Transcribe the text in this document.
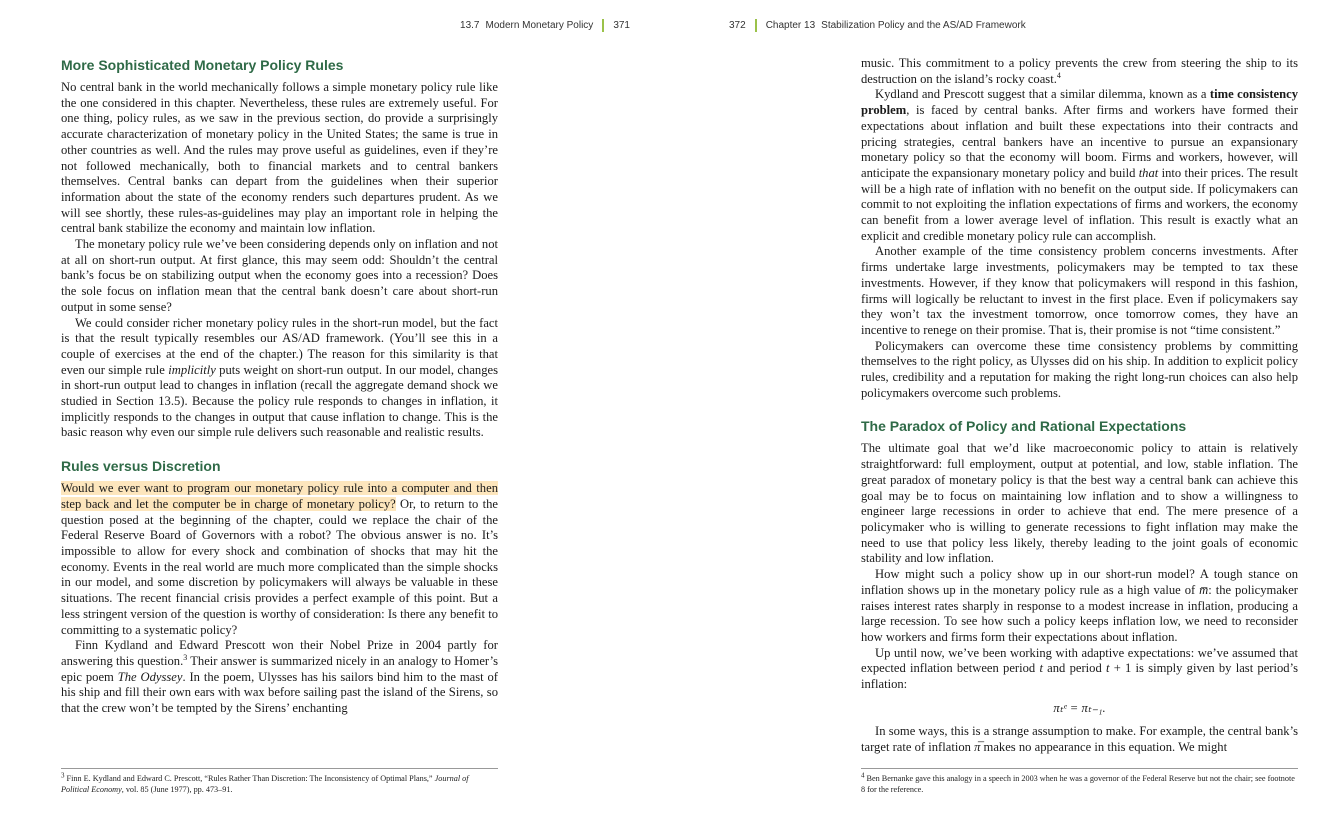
13.7 Modern Monetary Policy 371
More Sophisticated Monetary Policy Rules

No central bank in the world mechanically follows a simple monetary policy rule like the one considered in this chapter. Nevertheless, these rules are extremely useful. For one thing, policy rules, as we saw in the previous section, do provide a surprisingly accurate characterization of monetary policy in the United States; the same is true in other countries as well. And the rules may prove useful as guidelines, even if they’re not followed mechanically, both to financial markets and to central bankers themselves. Central banks can depart from the guidelines when their superior information about the state of the economy renders such departures prudent. As we will see shortly, these rules-as-guidelines may play an important role in helping the central bank stabilize the economy and maintain low inflation.

The monetary policy rule we’ve been considering depends only on inflation and not at all on short-run output. At first glance, this may seem odd: Shouldn’t the central bank’s focus be on stabilizing output when the economy goes into a recession? Does the sole focus on inflation mean that the central bank doesn’t care about short-run output in some sense?

We could consider richer monetary policy rules in the short-run model, but the fact is that the result typically resembles our AS/AD framework. (You’ll see this in a couple of exercises at the end of the chapter.) The reason for this similarity is that even our simple rule implicitly puts weight on short-run output. In our model, changes in short-run output lead to changes in inflation (recall the aggregate demand shock we studied in Section 13.5). Because the policy rule responds to changes in inflation, it implicitly responds to the changes in output that cause inflation to change. This is the basic reason why even our simple rule delivers such reasonable and realistic results.

Rules versus Discretion

Would we ever want to program our monetary policy rule into a computer and then step back and let the computer be in charge of monetary policy? Or, to return to the question posed at the beginning of the chapter, could we replace the chair of the Federal Reserve Board of Governors with a robot? The obvious answer is no. It’s impossible to allow for every shock and combination of shocks that may hit the economy. Events in the real world are much more complicated than the simple shocks in our model, and some discretion by policymakers will always be valuable in these situations. The recent financial crisis provides a perfect example of this point. But a less stringent version of the question is worthy of consideration: Is there any benefit to committing to a systematic policy?

Finn Kydland and Edward Prescott won their Nobel Prize in 2004 partly for answering this question.$^3$ Their answer is summarized nicely in an analogy to Homer’s epic poem The Odyssey. In the poem, Ulysses has his sailors bind him to the mast of his ship and fill their own ears with wax before sailing past the island of the Sirens, so that the crew won’t be tempted by the Sirens’ enchanting

3 Finn E. Kydland and Edward C. Prescott, “Rules Rather Than Discretion: The Inconsistency of Optimal Plans,” Journal of Political Economy, vol. 85 (June 1977), pp. 473–91.
372 Chapter 13 Stabilization Policy and the AS/AD Framework

music. This commitment to a policy prevents the crew from steering the ship to its destruction on the island’s rocky coast.$^4$

Kydland and Prescott suggest that a similar dilemma, known as a time consistency problem, is faced by central banks. After firms and workers have formed their expectations about inflation and built these expectations into their contracts and pricing strategies, central bankers have an incentive to pursue an expansionary monetary policy so that the economy will boom. Firms and workers, however, will anticipate the expansionary monetary policy and build that into their prices. The result will be a high rate of inflation with no benefit on the output side. If policymakers can commit to not exploiting the inflation expectations of firms and workers, the economy can benefit from a lower average level of inflation. This result is exactly what an explicit and credible monetary policy rule can accomplish.

Another example of the time consistency problem concerns investments. After firms undertake large investments, policymakers may be tempted to tax these investments. However, if they know that policymakers will respond in this fashion, firms will logically be reluctant to invest in the first place. Even if policymakers say they won’t tax the investment tomorrow, once tomorrow comes, they have an incentive to renege on their promise. That is, their promise is not “time consistent.”

Policymakers can overcome these time consistency problems by committing themselves to the right policy, as Ulysses did on his ship. In addition to explicit policy rules, credibility and a reputation for making the right long-run choices can also help policymakers overcome such problems.

The Paradox of Policy and Rational Expectations

The ultimate goal that we’d like macroeconomic policy to attain is relatively straightforward: full employment, output at potential, and low, stable inflation. The great paradox of monetary policy is that the best way a central bank can achieve this goal may be to focus on maintaining low inflation and to show a willingness to engineer large recessions in order to achieve that end. The mere presence of a policymaker who is willing to generate recessions to fight inflation may make the need to use that policy less likely, thereby leading to the joint goals of economic stability and low inflation.

How might such a policy show up in our short-run model? A tough stance on inflation shows up in the monetary policy rule as a high value of m̅: the policymaker raises interest rates sharply in response to a modest increase in inflation, producing a large recession. To see how such a policy keeps inflation low, we need to reconsider how workers and firms form their expectations about inflation.

Up until now, we’ve been working with adaptive expectations: we’ve assumed that expected inflation between period t and period t + 1 is simply given by last period’s inflation:

πₜᵉ = πₜ₋₁.

In some ways, this is a strange assumption to make. For example, the central bank’s target rate of inflation π̅ makes no appearance in this equation. We might

4 Ben Bernanke gave this analogy in a speech in 2003 when he was a governor of the Federal Reserve but not the chair; see footnote 8 for the reference.
